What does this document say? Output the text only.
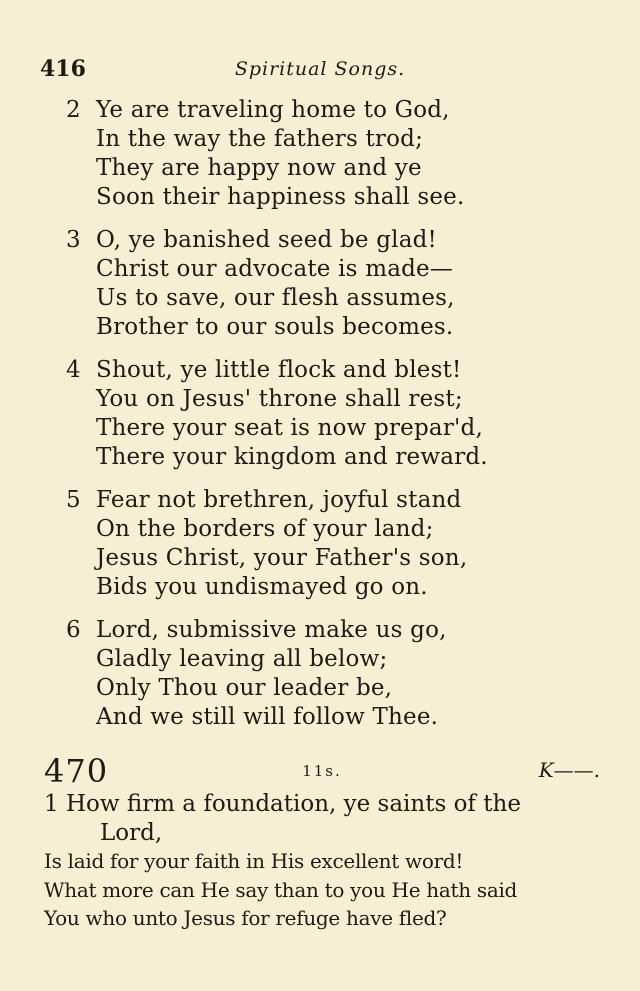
416	Spiritual Songs.
2 Ye are traveling home to God,
In the way the fathers trod;
They are happy now and ye
Soon their happiness shall see.
3 O, ye banished seed be glad!
Christ our advocate is made—
Us to save, our flesh assumes,
Brother to our souls becomes.
4 Shout, ye little flock and blest!
You on Jesus' throne shall rest;
There your seat is now prepar'd,
There your kingdom and reward.
5 Fear not brethren, joyful stand
On the borders of your land;
Jesus Christ, your Father's son,
Bids you undismayed go on.
6 Lord, submissive make us go,
Gladly leaving all below;
Only Thou our leader be,
And we still will follow Thee.
470	11s.	K——.
1 How firm a foundation, ye saints of the
Lord,
Is laid for your faith in His excellent word!
What more can He say than to you He hath said
You who unto Jesus for refuge have fled?
